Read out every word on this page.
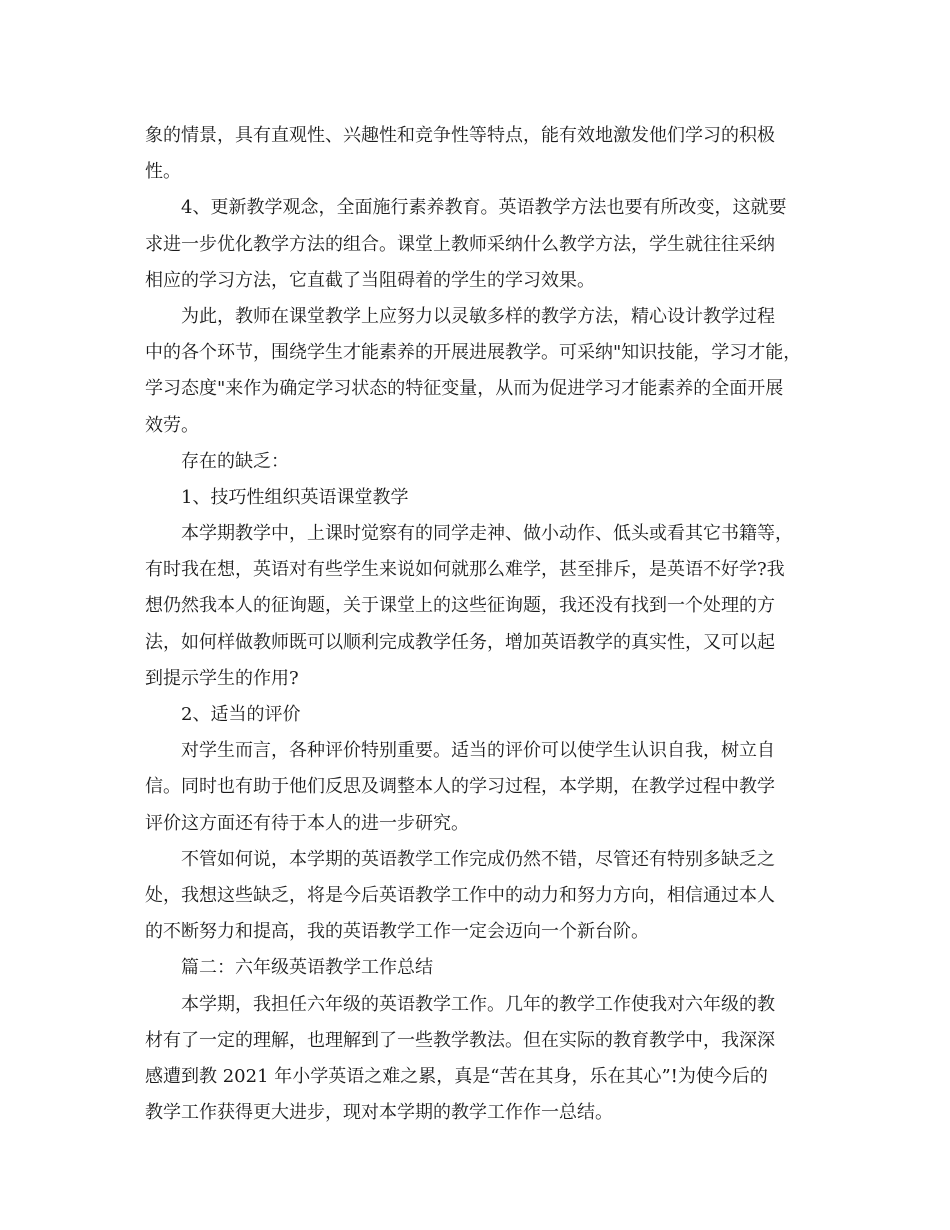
象的情景，具有直观性、兴趣性和竞争性等特点，能有效地激发他们学习的积极
性。
4、更新教学观念，全面施行素养教育。英语教学方法也要有所改变，这就要
求进一步优化教学方法的组合。课堂上教师采纳什么教学方法，学生就往往采纳
相应的学习方法，它直截了当阻碍着的学生的学习效果。
为此，教师在课堂教学上应努力以灵敏多样的教学方法，精心设计教学过程
中的各个环节，围绕学生才能素养的开展进展教学。可采纳"知识技能，学习才能，
学习态度"来作为确定学习状态的特征变量，从而为促进学习才能素养的全面开展
效劳。
存在的缺乏：
1、技巧性组织英语课堂教学
本学期教学中，上课时觉察有的同学走神、做小动作、低头或看其它书籍等，
有时我在想，英语对有些学生来说如何就那么难学，甚至排斥，是英语不好学?我
想仍然我本人的征询题，关于课堂上的这些征询题，我还没有找到一个处理的方
法，如何样做教师既可以顺利完成教学任务，增加英语教学的真实性，又可以起
到提示学生的作用?
2、适当的评价
对学生而言，各种评价特别重要。适当的评价可以使学生认识自我，树立自
信。同时也有助于他们反思及调整本人的学习过程，本学期，在教学过程中教学
评价这方面还有待于本人的进一步研究。
不管如何说，本学期的英语教学工作完成仍然不错，尽管还有特别多缺乏之
处，我想这些缺乏，将是今后英语教学工作中的动力和努力方向，相信通过本人
的不断努力和提高，我的英语教学工作一定会迈向一个新台阶。
篇二：六年级英语教学工作总结
本学期，我担任六年级的英语教学工作。几年的教学工作使我对六年级的教
材有了一定的理解，也理解到了一些教学教法。但在实际的教育教学中，我深深
感遭到教 2021 年小学英语之难之累，真是“苦在其身，乐在其心”!为使今后的
教学工作获得更大进步，现对本学期的教学工作作一总结。
